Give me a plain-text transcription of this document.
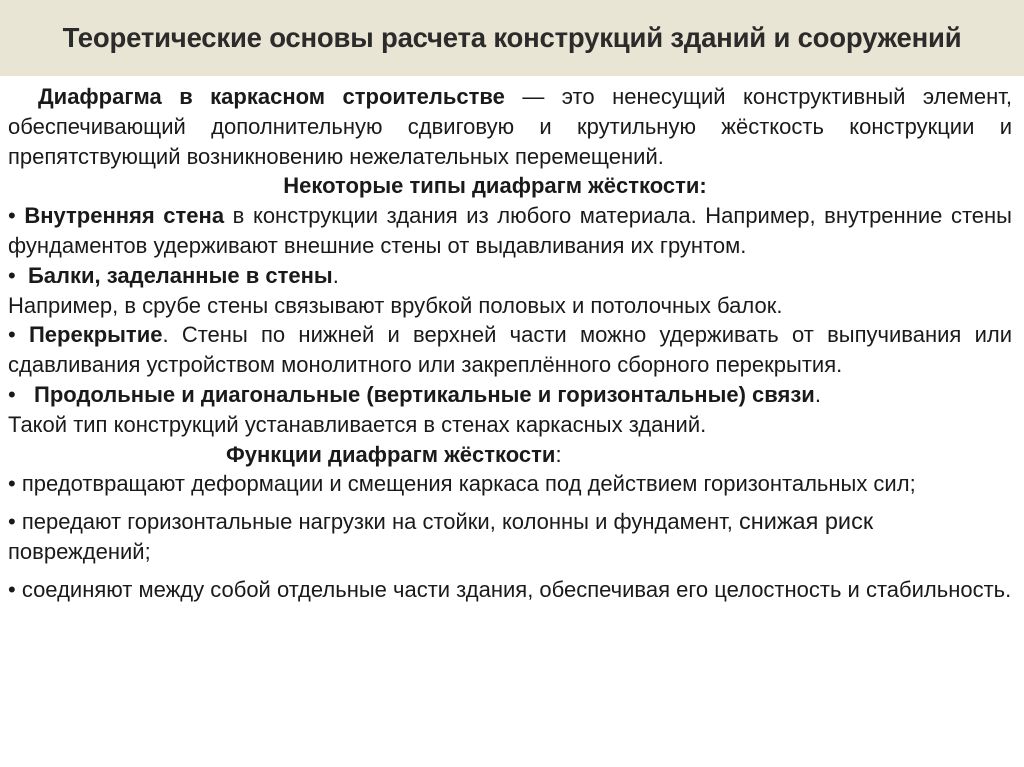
Теоретические основы расчета конструкций зданий и сооружений

Диафрагма в каркасном строительстве — это ненесущий конструктивный элемент, обеспечивающий дополнительную сдвиговую и крутильную жёсткость конструкции и препятствующий возникновению нежелательных перемещений.

Некоторые типы диафрагм жёсткости:

• Внутренняя стена в конструкции здания из любого материала. Например, внутренние стены фундаментов удерживают внешние стены от выдавливания их грунтом.

• Балки, заделанные в стены.

Например, в срубе стены связывают врубкой половых и потолочных балок.

• Перекрытие. Стены по нижней и верхней части можно удерживать от выпучивания или сдавливания устройством монолитного или закреплённого сборного перекрытия.

• Продольные и диагональные (вертикальные и горизонтальные) связи.

Такой тип конструкций устанавливается в стенах каркасных зданий.

Функции диафрагм жёсткости:

• предотвращают деформации и смещения каркаса под действием горизонтальных сил;

• передают горизонтальные нагрузки на стойки, колонны и фундамент, снижая риск повреждений;

• соединяют между собой отдельные части здания, обеспечивая его целостность и стабильность.
